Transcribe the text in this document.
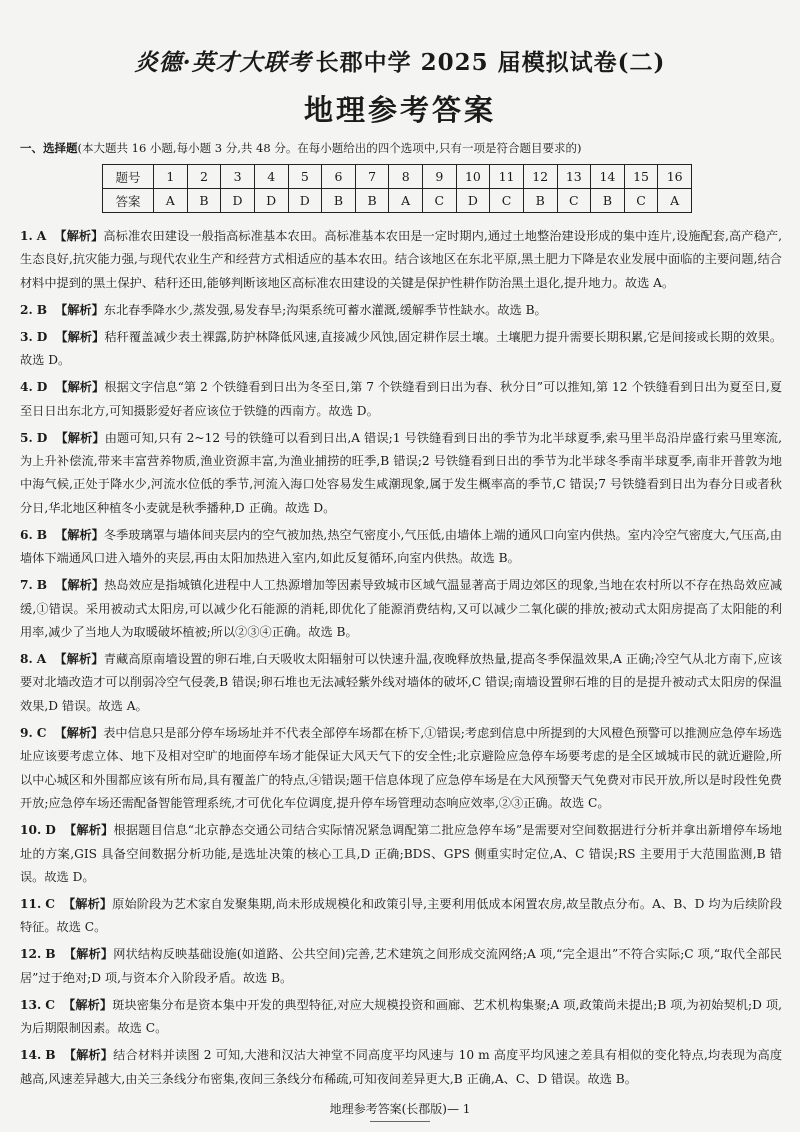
炎德·英才大联考 长郡中学 2025 届模拟试卷(二)
地理参考答案
一、选择题(本大题共 16 小题,每小题 3 分,共 48 分。在每小题给出的四个选项中,只有一项是符合题目要求的)
题号	1	2	3	4	5	6	7	8	9	10	11	12	13	14	15	16
答案	A	B	D	D	D	B	B	A	C	D	C	B	C	B	C	A
1. A 【解析】高标准农田建设一般指高标准基本农田。高标准基本农田是一定时期内,通过土地整治建设形成的集中连片,设施配套,高产稳产,生态良好,抗灾能力强,与现代农业生产和经营方式相适应的基本农田。结合该地区在东北平原,黑土肥力下降是农业发展中面临的主要问题,结合材料中提到的黑土保护、秸秆还田,能够判断该地区高标准农田建设的关键是保护性耕作防治黑土退化,提升地力。故选 A。
2. B 【解析】东北春季降水少,蒸发强,易发春旱;沟渠系统可蓄水灌溉,缓解季节性缺水。故选 B。
3. D 【解析】秸秆覆盖减少表土裸露,防护林降低风速,直接减少风蚀,固定耕作层土壤。土壤肥力提升需要长期积累,它是间接或长期的效果。故选 D。
4. D 【解析】根据文字信息“第 2 个铁缝看到日出为冬至日,第 7 个铁缝看到日出为春、秋分日”可以推知,第 12 个铁缝看到日出为夏至日,夏至日日出东北方,可知摄影爱好者应该位于铁缝的西南方。故选 D。
5. D 【解析】由题可知,只有 2~12 号的铁缝可以看到日出,A 错误;1 号铁缝看到日出的季节为北半球夏季,索马里半岛沿岸盛行索马里寒流,为上升补偿流,带来丰富营养物质,渔业资源丰富,为渔业捕捞的旺季,B 错误;2 号铁缝看到日出的季节为北半球冬季南半球夏季,南非开普敦为地中海气候,正处于降水少,河流水位低的季节,河流入海口处容易发生咸潮现象,属于发生概率高的季节,C 错误;7 号铁缝看到日出为春分日或者秋分日,华北地区种植冬小麦就是秋季播种,D 正确。故选 D。
6. B 【解析】冬季玻璃罩与墙体间夹层内的空气被加热,热空气密度小,气压低,由墙体上端的通风口向室内供热。室内冷空气密度大,气压高,由墙体下端通风口进入墙外的夹层,再由太阳加热进入室内,如此反复循环,向室内供热。故选 B。
7. B 【解析】热岛效应是指城镇化进程中人工热源增加等因素导致城市区域气温显著高于周边郊区的现象,当地在农村所以不存在热岛效应减缓,①错误。采用被动式太阳房,可以减少化石能源的消耗,即优化了能源消费结构,又可以减少二氧化碳的排放;被动式太阳房提高了太阳能的利用率,减少了当地人为取暖破坏植被;所以②③④正确。故选 B。
8. A 【解析】青藏高原南墙设置的卵石堆,白天吸收太阳辐射可以快速升温,夜晚释放热量,提高冬季保温效果,A 正确;冷空气从北方南下,应该要对北墙改造才可以削弱冷空气侵袭,B 错误;卵石堆也无法减轻紫外线对墙体的破坏,C 错误;南墙设置卵石堆的目的是提升被动式太阳房的保温效果,D 错误。故选 A。
9. C 【解析】表中信息只是部分停车场场址并不代表全部停车场都在桥下,①错误;考虑到信息中所提到的大风橙色预警可以推测应急停车场选址应该要考虑立体、地下及相对空旷的地面停车场才能保证大风天气下的安全性;北京避险应急停车场要考虑的是全区域城市民的就近避险,所以中心城区和外围都应该有所布局,具有覆盖广的特点,④错误;题干信息体现了应急停车场是在大风预警天气免费对市民开放,所以是时段性免费开放;应急停车场还需配备智能管理系统,才可优化车位调度,提升停车场管理动态响应效率,②③正确。故选 C。
10. D 【解析】根据题目信息“北京静态交通公司结合实际情况紧急调配第二批应急停车场”是需要对空间数据进行分析并拿出新增停车场地址的方案,GIS 具备空间数据分析功能,是选址决策的核心工具,D 正确;BDS、GPS 侧重实时定位,A、C 错误;RS 主要用于大范围监测,B 错误。故选 D。
11. C 【解析】原始阶段为艺术家自发聚集期,尚未形成规模化和政策引导,主要利用低成本闲置农房,故呈散点分布。A、B、D 均为后续阶段特征。故选 C。
12. B 【解析】网状结构反映基础设施(如道路、公共空间)完善,艺术建筑之间形成交流网络;A 项,“完全退出”不符合实际;C 项,“取代全部民居”过于绝对;D 项,与资本介入阶段矛盾。故选 B。
13. C 【解析】斑块密集分布是资本集中开发的典型特征,对应大规模投资和画廊、艺术机构集聚;A 项,政策尚未提出;B 项,为初始契机;D 项,为后期限制因素。故选 C。
14. B 【解析】结合材料并读图 2 可知,大港和汉沽大神堂不同高度平均风速与 10 m 高度平均风速之差具有相似的变化特点,均表现为高度越高,风速差异越大,由关三条线分布密集,夜间三条线分布稀疏,可知夜间差异更大,B 正确,A、C、D 错误。故选 B。
地理参考答案(长郡版)— 1
